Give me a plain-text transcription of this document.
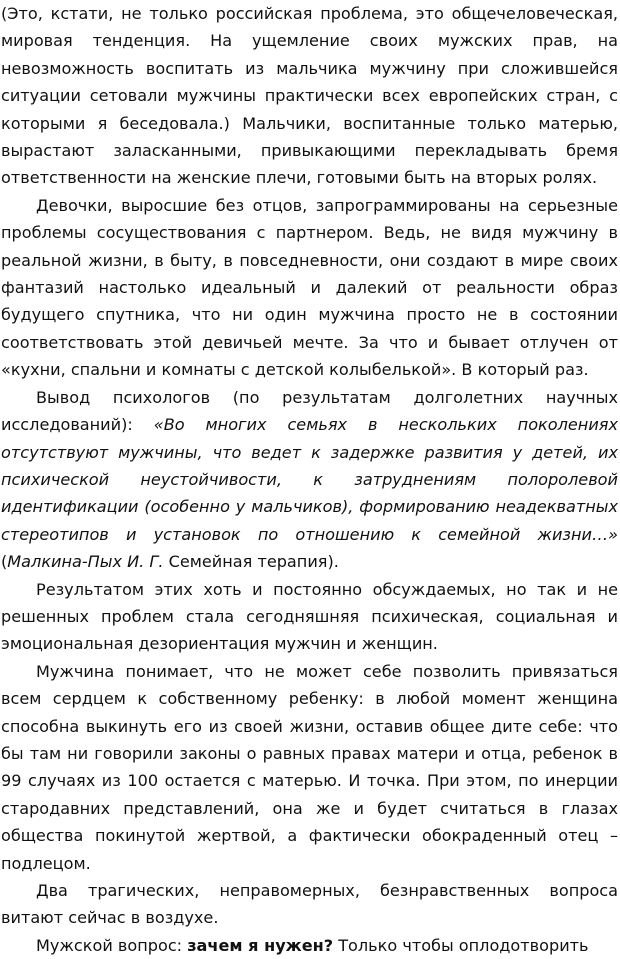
(Это, кстати, не только российская проблема, это общечеловеческая, мировая тенденция. На ущемление своих мужских прав, на невозможность воспитать из мальчика мужчину при сложившейся ситуации сетовали мужчины практически всех европейских стран, с которыми я беседовала.) Мальчики, воспитанные только матерью, вырастают заласканными, привыкающими перекладывать бремя ответственности на женские плечи, готовыми быть на вторых ролях.

Девочки, выросшие без отцов, запрограммированы на серьезные проблемы сосуществования с партнером. Ведь, не видя мужчину в реальной жизни, в быту, в повседневности, они создают в мире своих фантазий настолько идеальный и далекий от реальности образ будущего спутника, что ни один мужчина просто не в состоянии соответствовать этой девичьей мечте. За что и бывает отлучен от «кухни, спальни и комнаты с детской колыбелькой». В который раз.

Вывод психологов (по результатам долголетних научных исследований): «Во многих семьях в нескольких поколениях отсутствуют мужчины, что ведет к задержке развития у детей, их психической неустойчивости, к затруднениям полоролевой идентификации (особенно у мальчиков), формированию неадекватных стереотипов и установок по отношению к семейной жизни…» (Малкина-Пых И. Г. Семейная терапия).

Результатом этих хоть и постоянно обсуждаемых, но так и не решенных проблем стала сегодняшняя психическая, социальная и эмоциональная дезориентация мужчин и женщин.

Мужчина понимает, что не может себе позволить привязаться всем сердцем к собственному ребенку: в любой момент женщина способна выкинуть его из своей жизни, оставив общее дите себе: что бы там ни говорили законы о равных правах матери и отца, ребенок в 99 случаях из 100 остается с матерью. И точка. При этом, по инерции стародавних представлений, она же и будет считаться в глазах общества покинутой жертвой, а фактически обокраденный отец – подлецом.

Два трагических, неправомерных, безнравственных вопроса витают сейчас в воздухе.

Мужской вопрос: зачем я нужен? Только чтобы оплодотворить
